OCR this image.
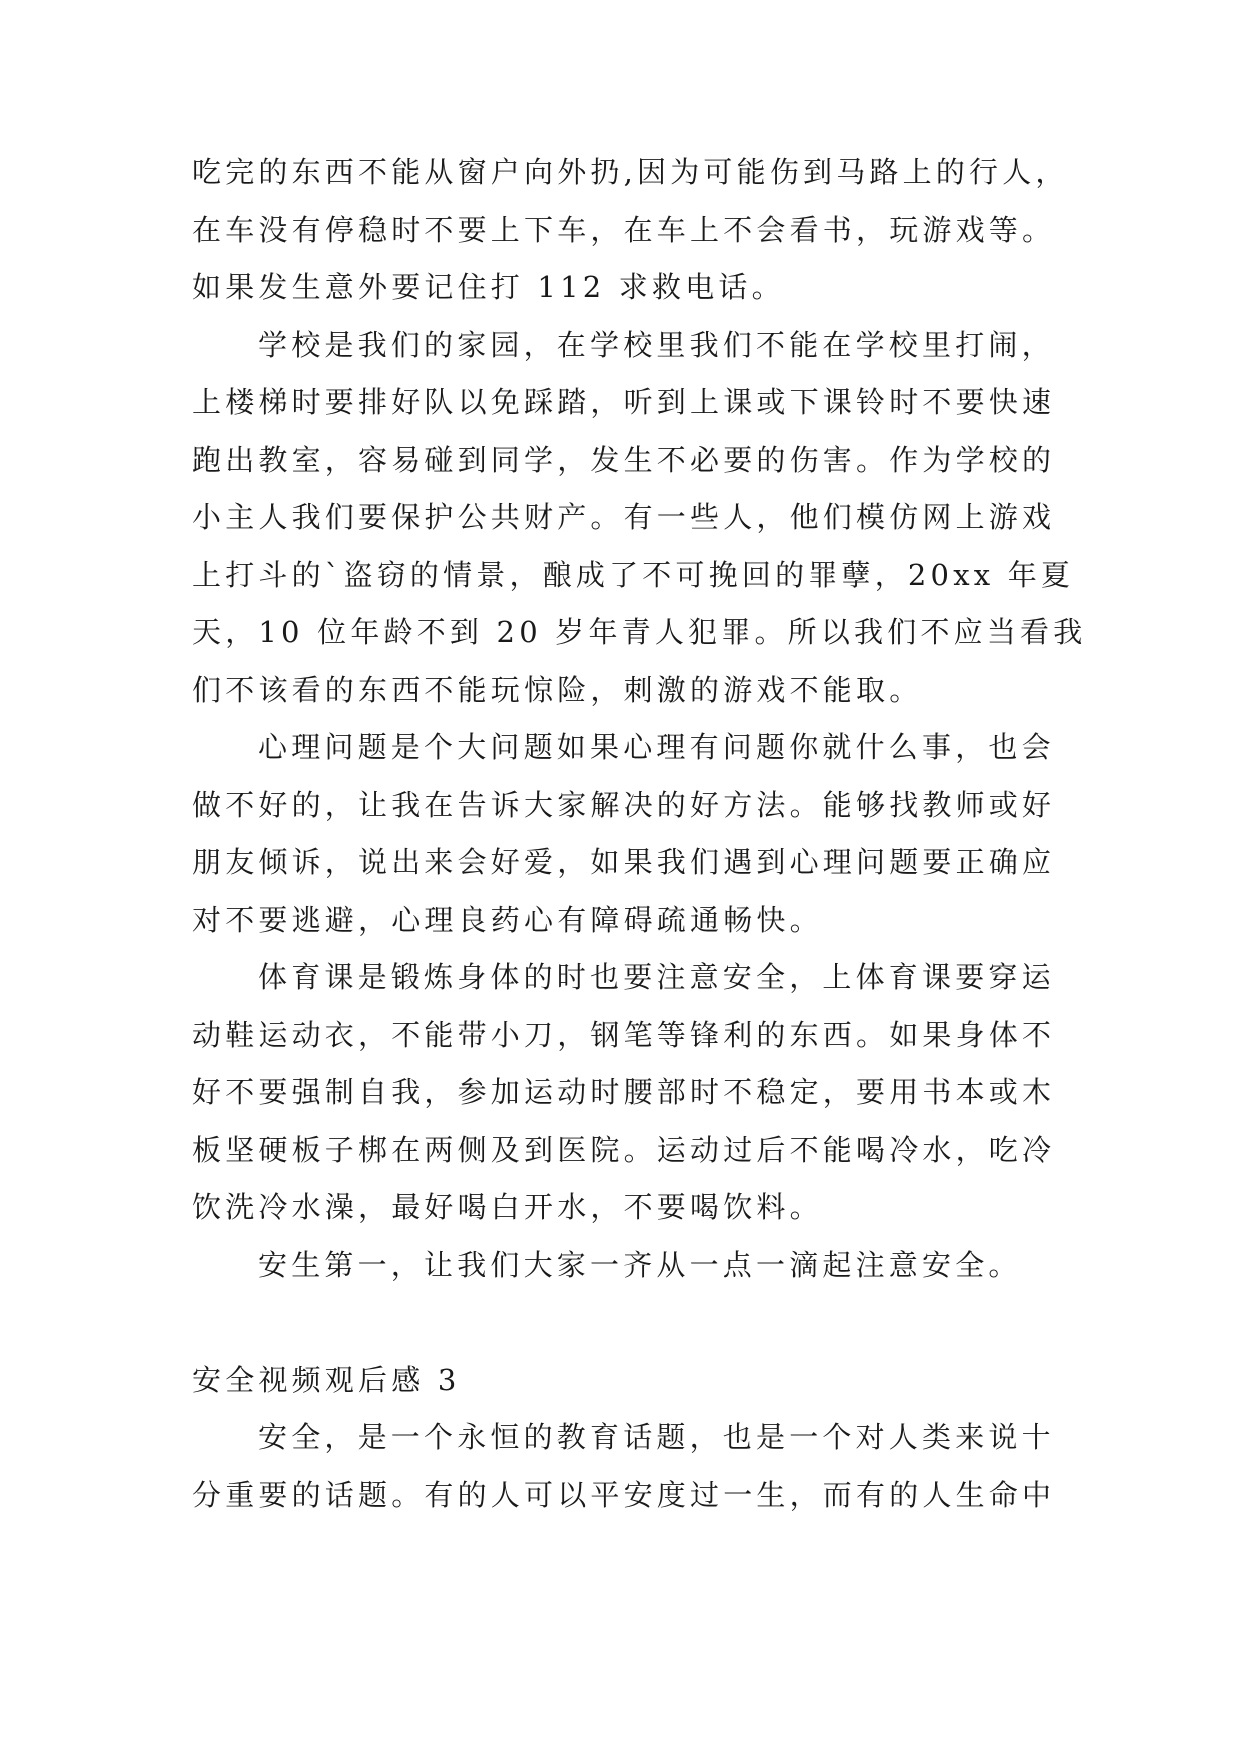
吃完的东西不能从窗户向外扔,因为可能伤到马路上的行人，
在车没有停稳时不要上下车，在车上不会看书，玩游戏等。
如果发生意外要记住打 112 求救电话。
学校是我们的家园，在学校里我们不能在学校里打闹，
上楼梯时要排好队以免踩踏，听到上课或下课铃时不要快速
跑出教室，容易碰到同学，发生不必要的伤害。作为学校的
小主人我们要保护公共财产。有一些人，他们模仿网上游戏
上打斗的`盗窃的情景，酿成了不可挽回的罪孽，20xx 年夏
天，10 位年龄不到 20 岁年青人犯罪。所以我们不应当看我
们不该看的东西不能玩惊险，刺激的游戏不能取。
心理问题是个大问题如果心理有问题你就什么事，也会
做不好的，让我在告诉大家解决的好方法。能够找教师或好
朋友倾诉，说出来会好爱，如果我们遇到心理问题要正确应
对不要逃避，心理良药心有障碍疏通畅快。
体育课是锻炼身体的时也要注意安全，上体育课要穿运
动鞋运动衣，不能带小刀，钢笔等锋利的东西。如果身体不
好不要强制自我，参加运动时腰部时不稳定，要用书本或木
板坚硬板子梆在两侧及到医院。运动过后不能喝冷水，吃冷
饮洗冷水澡，最好喝白开水，不要喝饮料。
安生第一，让我们大家一齐从一点一滴起注意安全。
安全视频观后感 3
安全，是一个永恒的教育话题，也是一个对人类来说十
分重要的话题。有的人可以平安度过一生，而有的人生命中
